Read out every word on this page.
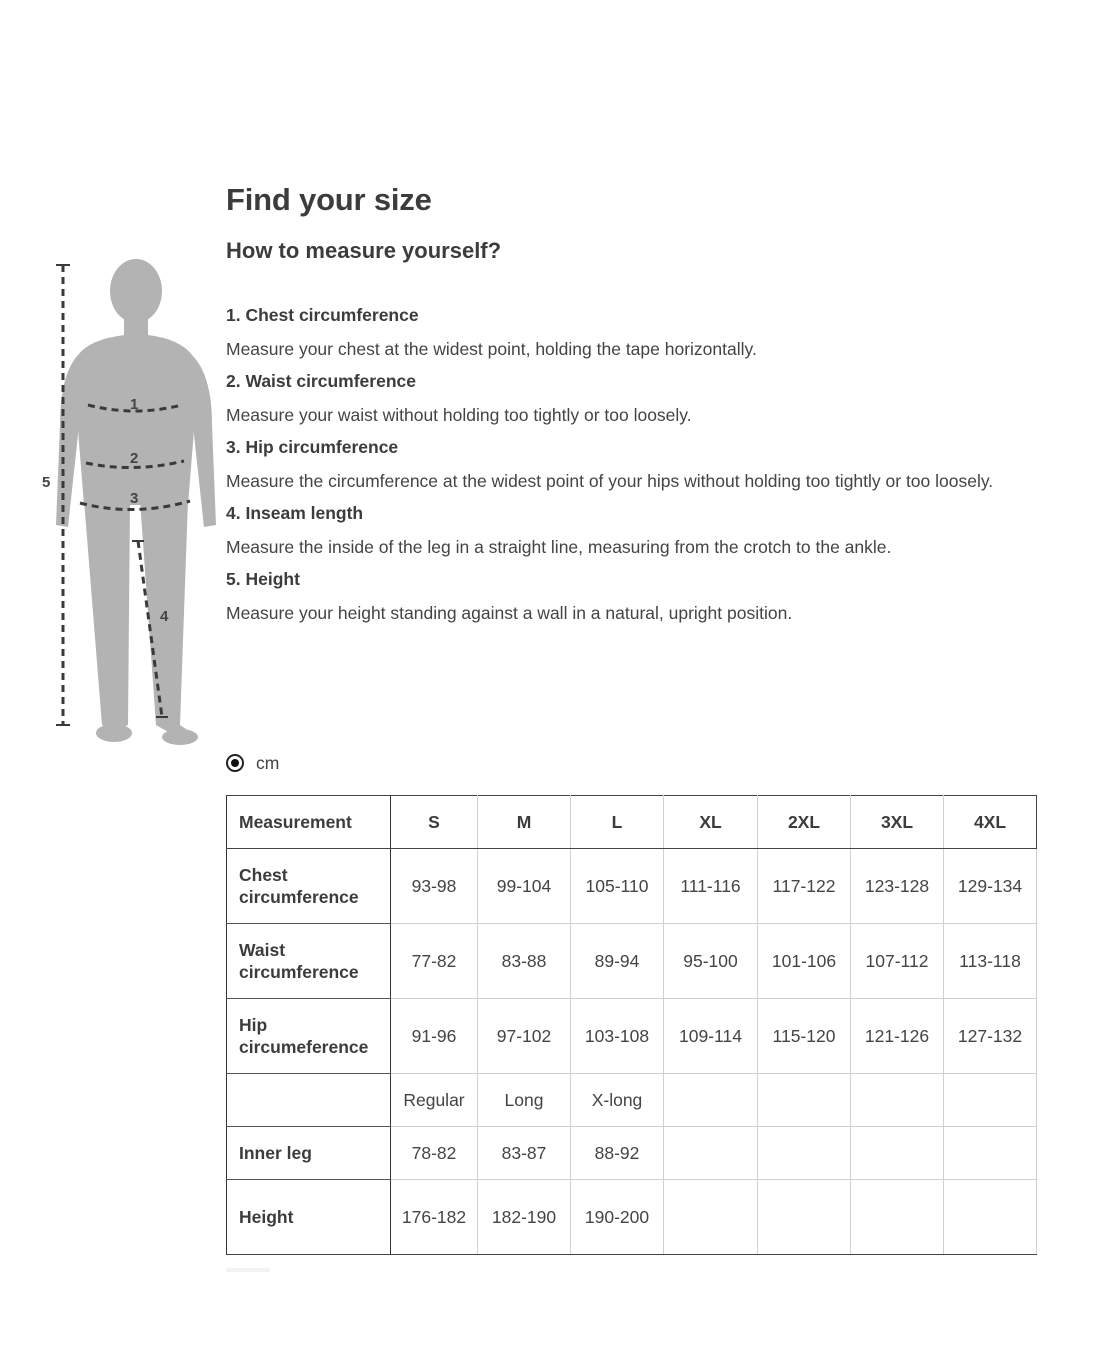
1
2
3
4
5
Find your size
How to measure yourself?
1. Chest circumference
Measure your chest at the widest point, holding the tape horizontally.
2. Waist circumference
Measure your waist without holding too tightly or too loosely.
3. Hip circumference
Measure the circumference at the widest point of your hips without holding too tightly or too loosely.
4. Inseam length
Measure the inside of the leg in a straight line, measuring from the crotch to the ankle.
5. Height
Measure your height standing against a wall in a natural, upright position.
cm
Measurement	S	M	L	XL	2XL	3XL	4XL
Chest circumference	93-98	99-104	105-110	111-116	117-122	123-128	129-134
Waist circumference	77-82	83-88	89-94	95-100	101-106	107-112	113-118
Hip circumeference	91-96	97-102	103-108	109-114	115-120	121-126	127-132
	Regular	Long	X-long				
Inner leg	78-82	83-87	88-92				
Height	176-182	182-190	190-200				
